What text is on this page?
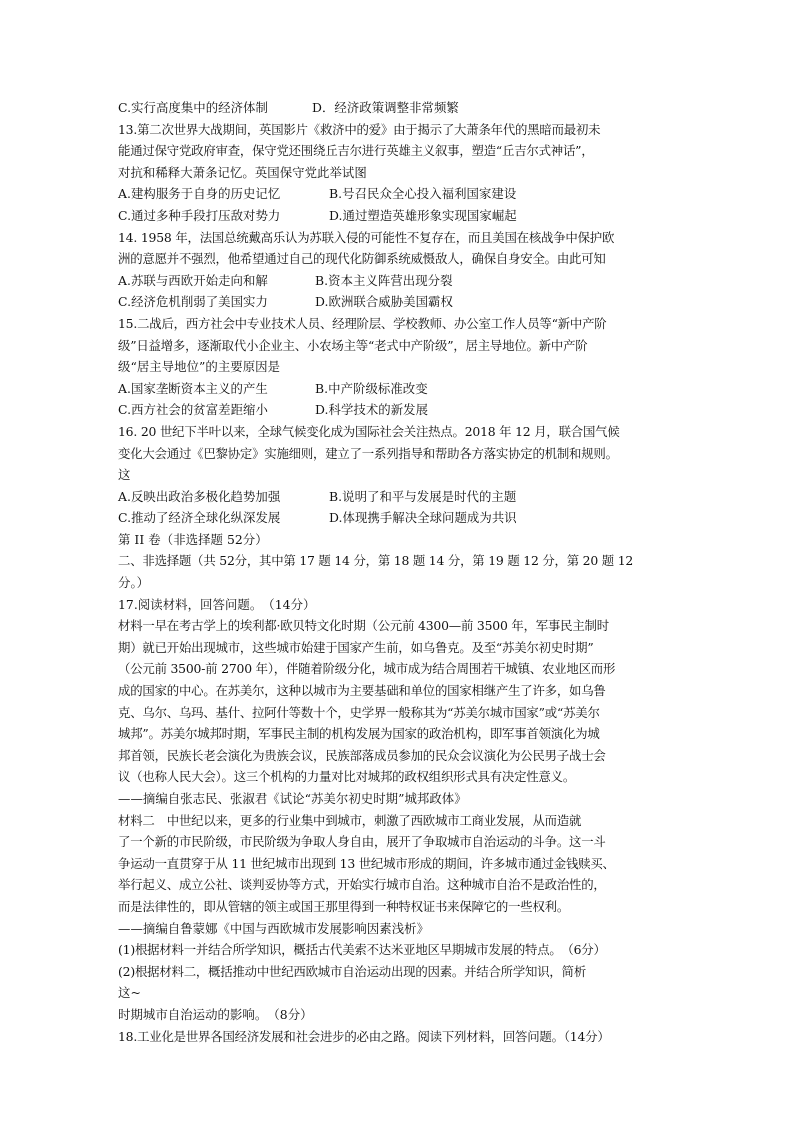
C.实行高度集中的经济体制	D．经济政策调整非常频繁
13.第二次世界大战期间，英国影片《救济中的爱》由于揭示了大萧条年代的黑暗而最初未
能通过保守党政府审查，保守党还围绕丘吉尔进行英雄主义叙事，塑造“丘吉尔式神话”，
对抗和稀释大萧条记忆。英国保守党此举试图
A.建构服务于自身的历史记忆	B.号召民众全心投入福利国家建设
C.通过多种手段打压敌对势力	D.通过塑造英雄形象实现国家崛起
14. 1958 年，法国总统戴高乐认为苏联入侵的可能性不复存在，而且美国在核战争中保护欧
洲的意愿并不强烈，他希望通过自己的现代化防御系统威慑敌人，确保自身安全。由此可知
A.苏联与西欧开始走向和解	B.资本主义阵营出现分裂
C.经济危机削弱了美国实力	D.欧洲联合威胁美国霸权
15.二战后，西方社会中专业技术人员、经理阶层、学校教师、办公室工作人员等“新中产阶
级”日益增多，逐渐取代小企业主、小农场主等“老式中产阶级”，居主导地位。新中产阶
级“居主导地位”的主要原因是
A.国家垄断资本主义的产生	B.中产阶级标准改变
C.西方社会的贫富差距缩小	D.科学技术的新发展
16. 20 世纪下半叶以来，全球气候变化成为国际社会关注热点。2018 年 12 月，联合国气候
变化大会通过《巴黎协定》实施细则，建立了一系列指导和帮助各方落实协定的机制和规则。
这
A.反映出政治多极化趋势加强	B.说明了和平与发展是时代的主题
C.推动了经济全球化纵深发展	D.体现携手解决全球问题成为共识
第 II 卷（非选择题 52分）
二、非选择题（共 52分，其中第 17 题 14 分，第 18 题 14 分，第 19 题 12 分，第 20 题 12
分。）
17.阅读材料，回答问题。　（14分）
材料一早在考古学上的埃利都·欧贝特文化时期（公元前 4300—前 3500 年，军事民主制时
期）就已开始出现城市，这些城市始建于国家产生前，如乌鲁克。及至“苏美尔初史时期”
（公元前 3500-前 2700 年），伴随着阶级分化，城市成为结合周围若干城镇、农业地区而形
成的国家的中心。在苏美尔，这种以城市为主要基础和单位的国家相继产生了许多，如乌鲁
克、乌尔、乌玛、基什、拉阿什等数十个，史学界一般称其为“苏美尔城市国家”或“苏美尔
城邦”。苏美尔城邦时期，军事民主制的机构发展为国家的政治机构，即军事首领演化为城
邦首领，民族长老会演化为贵族会议，民族部落成员参加的民众会议演化为公民男子战士会
议（也称人民大会）。这三个机构的力量对比对城邦的政权组织形式具有决定性意义。
——摘编自张志民、张淑君《试论“苏美尔初史时期”城邦政体》
材料二　中世纪以来，更多的行业集中到城市，刺激了西欧城市工商业发展，从而造就
了一个新的市民阶级，市民阶级为争取人身自由，展开了争取城市自治运动的斗争。这一斗
争运动一直贯穿于从 11 世纪城市出现到 13 世纪城市形成的期间，许多城市通过金钱赎买、
举行起义、成立公社、谈判妥协等方式，开始实行城市自治。这种城市自治不是政治性的，
而是法律性的，即从管辖的领主或国王那里得到一种特权证书来保障它的一些权利。
——摘编自鲁蒙娜《中国与西欧城市发展影响因素浅析》
(1)根据材料一并结合所学知识，概括古代美索不达米亚地区早期城市发展的特点。　（6分）
(2)根据材料二，概括推动中世纪西欧城市自治运动出现的因素。并结合所学知识，简析
这~
时期城市自治运动的影响。　（8分）
18.工业化是世界各国经济发展和社会进步的必由之路。阅读下列材料，回答问题。（14分）
